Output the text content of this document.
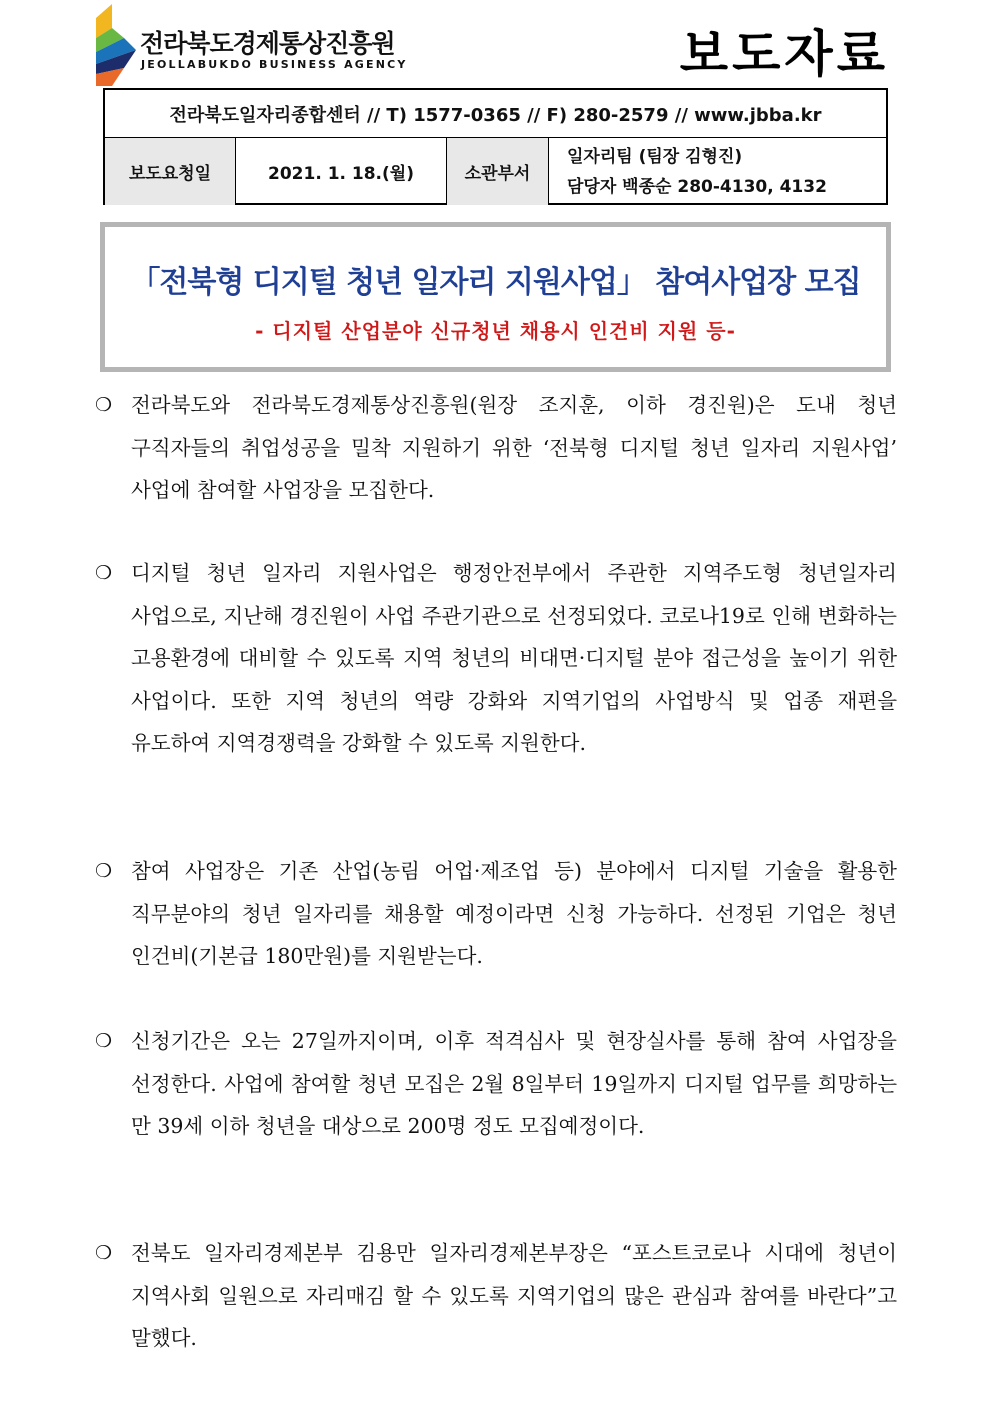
전라북도경제통상진흥원
JEOLLABUKDO BUSINESS AGENCY	보도자료
전라북도일자리종합센터 // T) 1577-0365 // F) 280-2579 // www.jbba.kr
보도요청일	2021. 1. 18.(월)	소관부서
일자리팀 (팀장 김형진)
담당자 백종순 280-4130, 4132
「전북형 디지털 청년 일자리 지원사업」 참여사업장 모집
- 디지털 산업분야 신규청년 채용시 인건비 지원 등-
❍ 전라북도와 전라북도경제통상진흥원(원장 조지훈, 이하 경진원)은 도내 청년 구직자들의 취업성공을 밀착 지원하기 위한 ‘전북형 디지털 청년 일자리 지원사업’ 사업에 참여할 사업장을 모집한다.
❍ 디지털 청년 일자리 지원사업은 행정안전부에서 주관한 지역주도형 청년일자리 사업으로, 지난해 경진원이 사업 주관기관으로 선정되었다. 코로나19로 인해 변화하는 고용환경에 대비할 수 있도록 지역 청년의 비대면·디지털 분야 접근성을 높이기 위한 사업이다. 또한 지역 청년의 역량 강화와 지역기업의 사업방식 및 업종 재편을 유도하여 지역경쟁력을 강화할 수 있도록 지원한다.
❍ 참여 사업장은 기존 산업(농림 어업·제조업 등) 분야에서 디지털 기술을 활용한 직무분야의 청년 일자리를 채용할 예정이라면 신청 가능하다. 선정된 기업은 청년 인건비(기본급 180만원)를 지원받는다.
❍ 신청기간은 오는 27일까지이며, 이후 적격심사 및 현장실사를 통해 참여 사업장을 선정한다. 사업에 참여할 청년 모집은 2월 8일부터 19일까지 디지털 업무를 희망하는 만 39세 이하 청년을 대상으로 200명 정도 모집예정이다.
❍ 전북도 일자리경제본부 김용만 일자리경제본부장은 “포스트코로나 시대에 청년이 지역사회 일원으로 자리매김 할 수 있도록 지역기업의 많은 관심과 참여를 바란다”고 말했다.
